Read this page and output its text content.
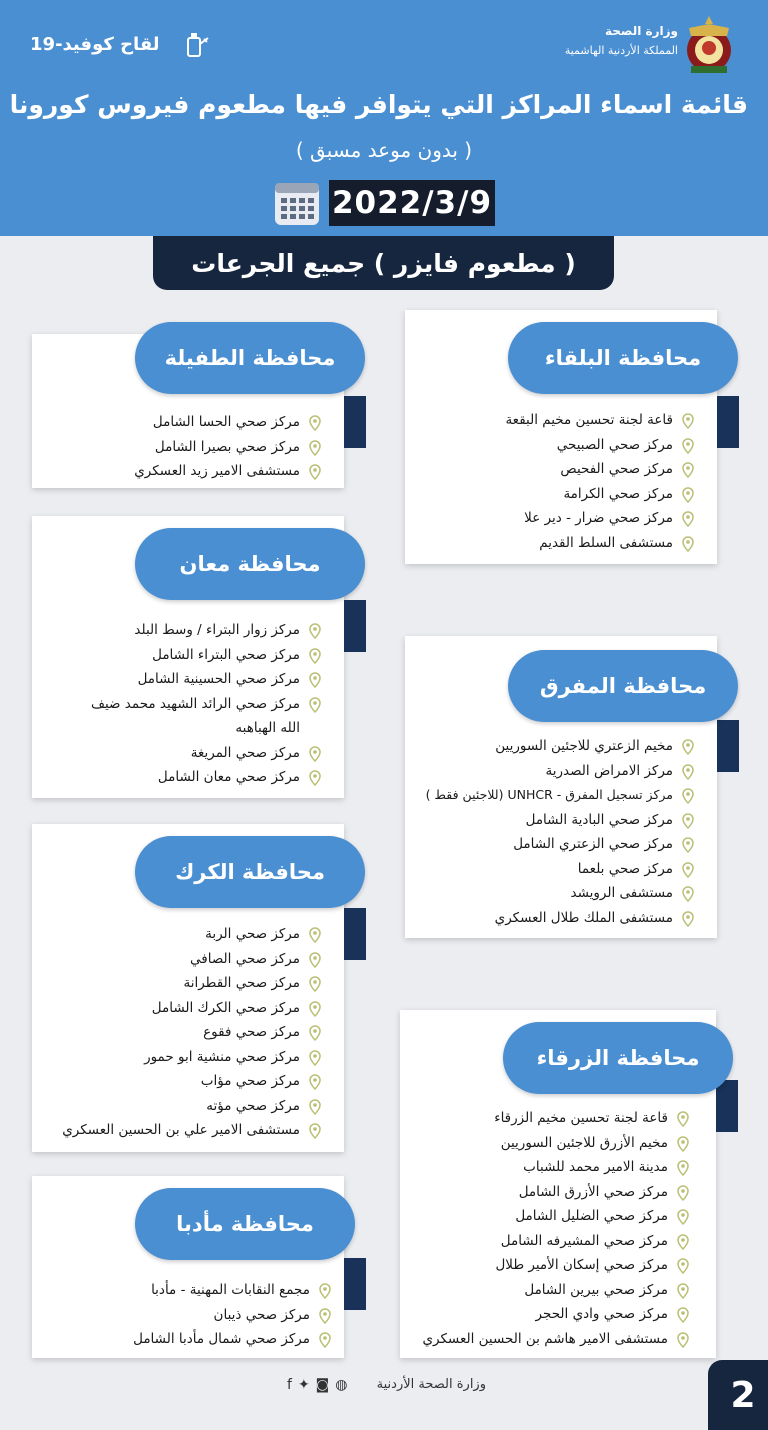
وزارة الصحة
المملكة الأردنية الهاشمية
لقاح كوفيد-19
قائمة اسماء المراكز التي يتوافر فيها مطعوم فيروس كورونا
( بدون موعد مسبق )
2022/3/9
( مطعوم فايزر ) جميع الجرعات
محافظة البلقاء
قاعة لجنة تحسين مخيم البقعة
مركز صحي الصبيحي
مركز صحي الفحيص
مركز صحي الكرامة
مركز صحي ضرار - دير علا
مستشفى السلط القديم
محافظة الطفيلة
مركز صحي الحسا الشامل
مركز صحي بصيرا الشامل
مستشفى الامير زيد العسكري
محافظة معان
مركز زوار البتراء / وسط البلد
مركز صحي البتراء الشامل
مركز صحي الحسينية الشامل
مركز صحي الرائد الشهيد محمد ضيف الله الهباهبه
مركز صحي المريغة
مركز صحي معان الشامل
محافظة المفرق
مخيم الزعتري للاجئين السوريين
مركز الامراض الصدرية
مركز تسجيل المفرق - UNHCR (للاجئين فقط )
مركز صحي البادية الشامل
مركز صحي الزعتري الشامل
مركز صحي بلعما
مستشفى الرويشد
مستشفى الملك طلال العسكري
محافظة الكرك
مركز صحي الربة
مركز صحي الصافي
مركز صحي القطرانة
مركز صحي الكرك الشامل
مركز صحي فقوع
مركز صحي منشية ابو حمور
مركز صحي مؤاب
مركز صحي مؤته
مستشفى الامير علي بن الحسين العسكري
محافظة الزرقاء
قاعة لجنة تحسين مخيم الزرقاء
مخيم الأزرق للاجئين السوريين
مدينة الامير محمد للشباب
مركز صحي الأزرق الشامل
مركز صحي الضليل الشامل
مركز صحي المشيرفه الشامل
مركز صحي إسكان الأمير طلال
مركز صحي بيرين الشامل
مركز صحي وادي الحجر
مستشفى الامير هاشم بن الحسين العسكري
محافظة مأدبا
مجمع النقابات المهنية - مأدبا
مركز صحي ذيبان
مركز صحي شمال مأدبا الشامل
وزارة الصحة الأردنية
f ✦ ◙ ◍	2
